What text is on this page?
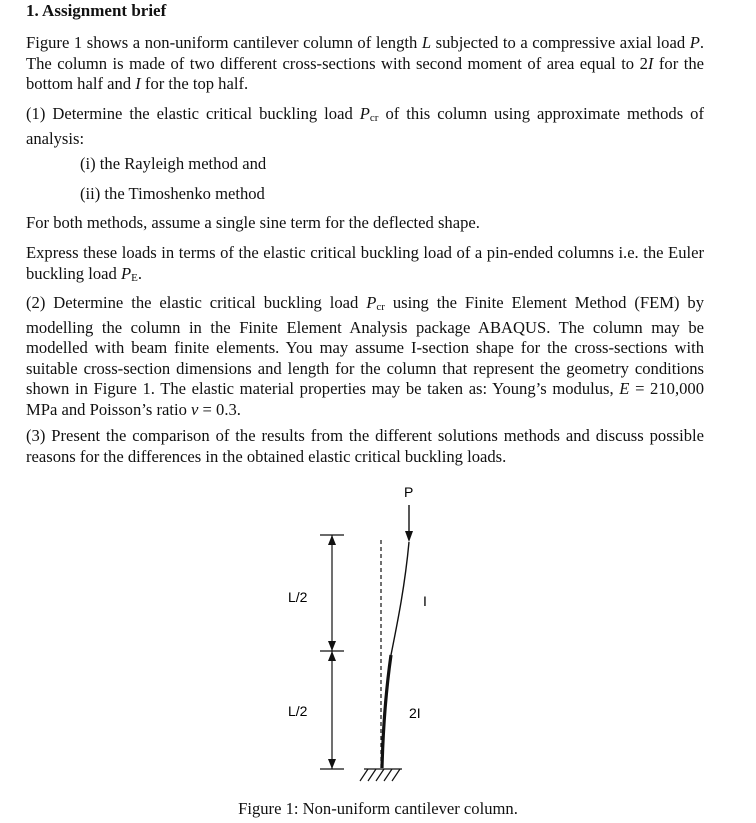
1. Assignment brief

Figure 1 shows a non-uniform cantilever column of length L subjected to a compressive axial load P. The column is made of two different cross-sections with second moment of area equal to 2I for the bottom half and I for the top half.

(1) Determine the elastic critical buckling load $P_{cr}$ of this column using approximate methods of analysis:

(i) the Rayleigh method and

(ii) the Timoshenko method

For both methods, assume a single sine term for the deflected shape.

Express these loads in terms of the elastic critical buckling load of a pin-ended columns i.e. the Euler buckling load $P_E$.

(2) Determine the elastic critical buckling load $P_{cr}$ using the Finite Element Method (FEM) by modelling the column in the Finite Element Analysis package ABAQUS. The column may be modelled with beam finite elements. You may assume I-section shape for the cross-sections with suitable cross-section dimensions and length for the column that represent the geometry conditions shown in Figure 1. The elastic material properties may be taken as: Young’s modulus, E = 210,000 MPa and Poisson’s ratio ν = 0.3.

(3) Present the comparison of the results from the different solutions methods and discuss possible reasons for the differences in the obtained elastic critical buckling loads.

P
L/2
L/2
I
2I

Figure 1: Non-uniform cantilever column.
